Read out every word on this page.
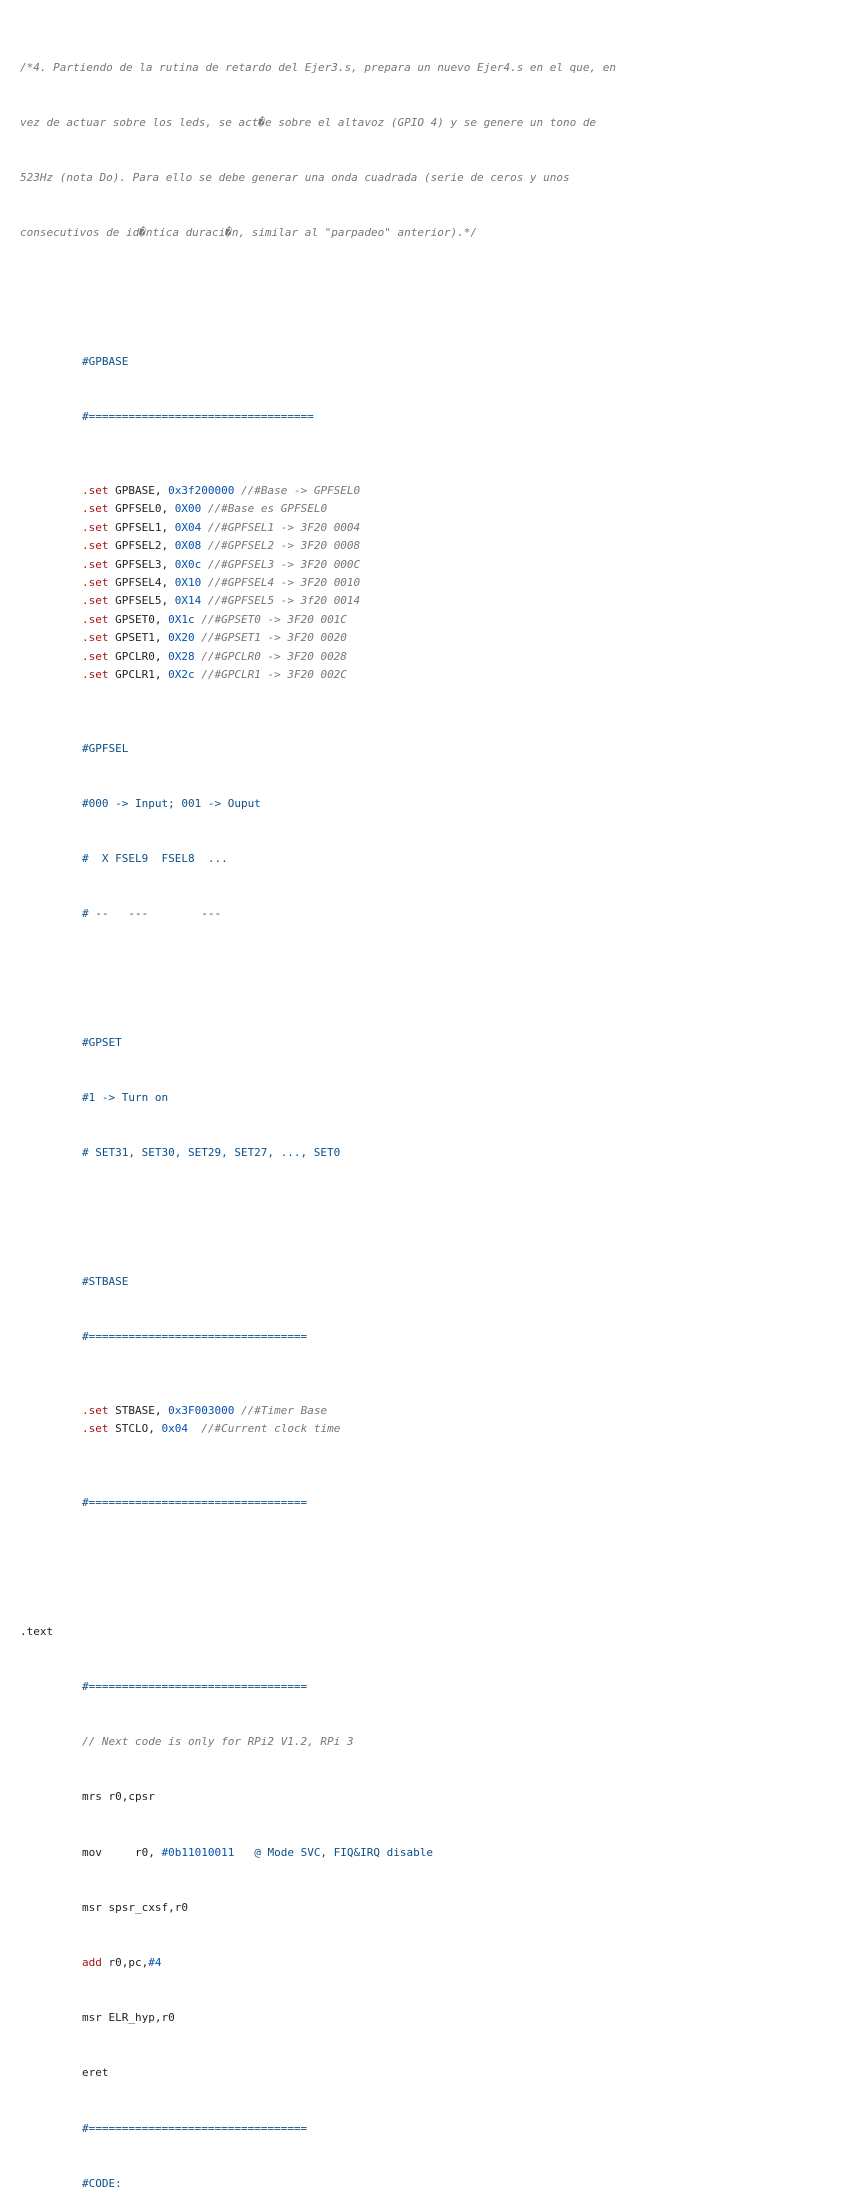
/*4. Partiendo de la rutina de retardo del Ejer3.s, prepara un nuevo Ejer4.s en el que, en

vez de actuar sobre los leds, se act�e sobre el altavoz (GPIO 4) y se genere un tono de

523Hz (nota Do). Para ello se debe generar una onda cuadrada (serie de ceros y unos

consecutivos de id�ntica duraci�n, similar al "parpadeo" anterior).*/

#GPBASE

#==================================

.set GPBASE, 0x3f200000 //#Base -> GPFSEL0
.set GPFSEL0, 0X00 //#Base es GPFSEL0
.set GPFSEL1, 0X04 //#GPFSEL1 -> 3F20 0004
.set GPFSEL2, 0X08 //#GPFSEL2 -> 3F20 0008
.set GPFSEL3, 0X0c //#GPFSEL3 -> 3F20 000C
.set GPFSEL4, 0X10 //#GPFSEL4 -> 3F20 0010
.set GPFSEL5, 0X14 //#GPFSEL5 -> 3f20 0014
.set GPSET0, 0X1c //#GPSET0 -> 3F20 001C
.set GPSET1, 0X20 //#GPSET1 -> 3F20 0020
.set GPCLR0, 0X28 //#GPCLR0 -> 3F20 0028
.set GPCLR1, 0X2c //#GPCLR1 -> 3F20 002C

#GPFSEL

#000 -> Input; 001 -> Ouput

#  X FSEL9  FSEL8  ...

# --   ---        ---

#GPSET

#1 -> Turn on

# SET31, SET30, SET29, SET27, ..., SET0

#STBASE

#=================================

.set STBASE, 0x3F003000 //#Timer Base
.set STCLO, 0x04  //#Current clock time

#=================================

.text

#=================================

// Next code is only for RPi2 V1.2, RPi 3

mrs r0,cpsr

mov     r0, #0b11010011   @ Mode SVC, FIQ&IRQ disable

msr spsr_cxsf,r0

add r0,pc,#4

msr ELR_hyp,r0

eret

#=================================

#CODE:
